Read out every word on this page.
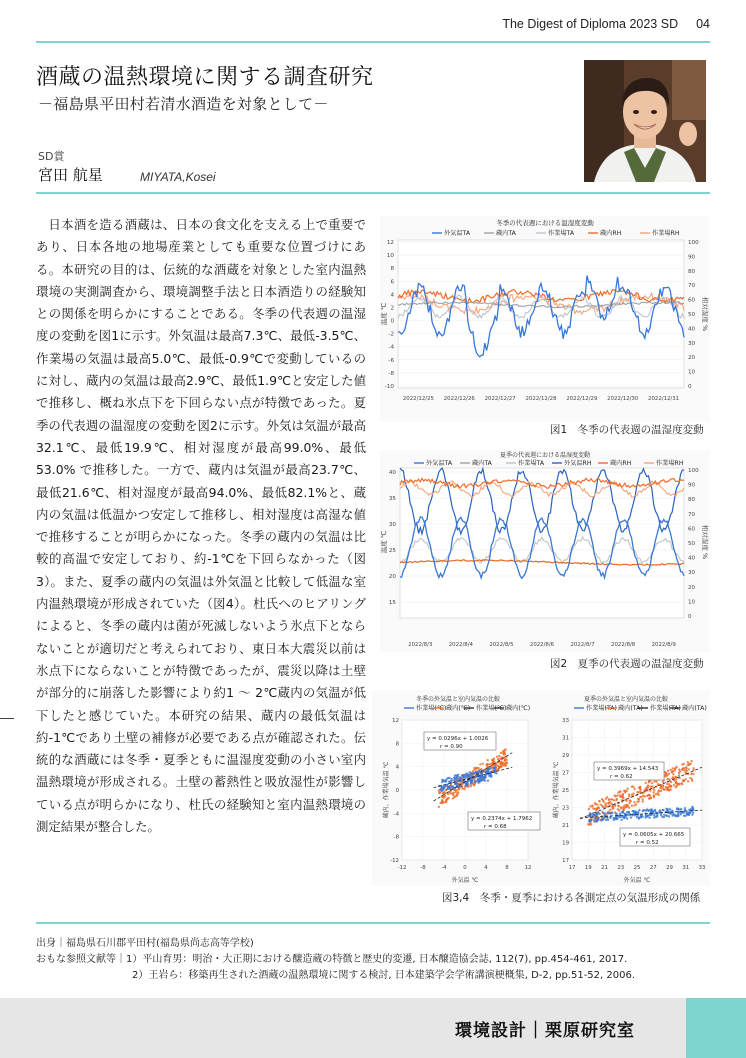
The Digest of Diploma 2023 SD 04
酒蔵の温熱環境に関する調査研究
－福島県平田村若清水酒造を対象として－
SD賞
宮田 航星	MIYATA,Kosei

日本酒を造る酒蔵は、日本の食文化を支える上で重要であり、日本各地の地場産業としても重要な位置づけにある。本研究の目的は、伝統的な酒蔵を対象とした室内温熱環境の実測調査から、環境調整手法と日本酒造りの経験知との関係を明らかにすることである。冬季の代表週の温湿度の変動を図1に示す。外気温は最高7.3℃、最低-3.5℃、作業場の気温は最高5.0℃、最低-0.9℃で変動しているのに対し、蔵内の気温は最高2.9℃、最低1.9℃と安定した値で推移し、概ね氷点下を下回らない点が特徴であった。夏季の代表週の温湿度の変動を図2に示す。外気は気温が最高32.1℃、最低19.9℃、相対湿度が最高99.0%、最低53.0% で推移した。一方で、蔵内は気温が最高23.7℃、最低21.6℃、相対湿度が最高94.0%、最低82.1%と、蔵内の気温は低温かつ安定して推移し、相対湿度は高湿な値で推移することが明らかになった。冬季の蔵内の気温は比較的高温で安定しており、約-1℃を下回らなかった（図3）。また、夏季の蔵内の気温は外気温と比較して低温な室内温熱環境が形成されていた（図4）。杜氏へのヒアリングによると、冬季の蔵内は菌が死滅しないよう氷点下とならないことが適切だと考えられており、東日本大震災以前は氷点下にならないことが特徴であったが、震災以降は土壁が部分的に崩落した影響により約1 ～ 2℃蔵内の気温が低下したと感じていた。本研究の結果、蔵内の最低気温は約-1℃であり土壁の補修が必要である点が確認された。伝統的な酒蔵には冬季・夏季ともに温湿度変動の小さい室内温熱環境が形成される。土壁の蓄熱性と吸放湿性が影響している点が明らかになり、杜氏の経験知と室内温熱環境の測定結果が整合した。

冬季の代表週における温湿度変動
外気温TA	蔵内TA	作業場TA	蔵内RH	作業場RH
12
10
8
6
4
2
0
-2
-4
-6
-8
-10
100
90
80
70
60
50
40
30
20
10
0
2022/12/25 2022/12/26 2022/12/27 2022/12/28 2022/12/29 2022/12/30 2022/12/31
温度 ℃	相対湿度 %
図1　冬季の代表週の温湿度変動
夏季の代表週における温湿度変動
外気温TA	蔵内TA	作業場TA	外気温RH	蔵内RH	作業場RH
40
35
30
25
20
15
100
90
80
70
60
50
40
30
20
10
0
2022/8/3	2022/8/4	2022/8/5	2022/8/6	2022/8/7	2022/8/8	2022/8/9
温度 ℃	相対湿度 %
図2　夏季の代表週の温湿度変動
冬季の外気温と室内気温の比較	夏季の外気温と室内気温の比較
作業場(℃) 蔵内(℃) 作業場(℃) 蔵内(℃)	作業場(TA) 蔵内(TA) 作業場(TA) 蔵内(TA)
-12	-8	-4	0	4	8	12
12
8
4
0
-4
-8
-12
17 19 21 23 25 27 29 31 33
33
31
29
27
25
23
21
19
17
蔵内、作業場気温 ℃	蔵内、作業場気温 ℃
外気温 ℃	外気温 ℃
y = 0.0296x + 1.0026
r = 0.90
y = 0.2374x + 1.7962
r = 0.68
y = 0.3969x + 14.543
r = 0.62
y = 0.0605x + 20.665
r = 0.52
図3,4　冬季・夏季における各測定点の気温形成の関係
出身｜福島県石川郡平田村(福島県尚志高等学校)
おもな参照文献等｜1）平山育男：明治・大正期における醸造蔵の特徴と歴史的変遷, 日本醸造協会誌, 112(7), pp.454-461, 2017.
2）王岩ら：移築再生された酒蔵の温熱環境に関する検討, 日本建築学会学術講演梗概集, D-2, pp.51-52, 2006.
環境設計｜栗原研究室
